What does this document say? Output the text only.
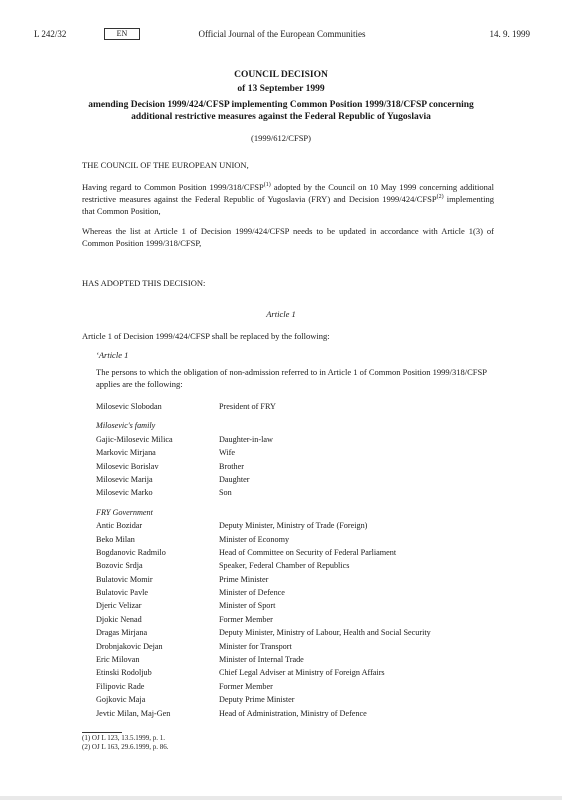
L 242/32	EN	Official Journal of the European Communities	14. 9. 1999
COUNCIL DECISION
of 13 September 1999
amending Decision 1999/424/CFSP implementing Common Position 1999/318/CFSP concerning additional restrictive measures against the Federal Republic of Yugoslavia
(1999/612/CFSP)
THE COUNCIL OF THE EUROPEAN UNION,
Having regard to Common Position 1999/318/CFSP$^{(1)}$ adopted by the Council on 10 May 1999 concerning additional restrictive measures against the Federal Republic of Yugoslavia (FRY) and Decision 1999/424/CFSP$^{(2)}$ implementing that Common Position,
Whereas the list at Article 1 of Decision 1999/424/CFSP needs to be updated in accordance with Article 1(3) of Common Position 1999/318/CFSP,
HAS ADOPTED THIS DECISION:
Article 1
Article 1 of Decision 1999/424/CFSP shall be replaced by the following:
‘Article 1
The persons to which the obligation of non-admission referred to in Article 1 of Common Position 1999/318/CFSP applies are the following:
Milosevic Slobodan	President of FRY
Milosevic's family
Gajic-Milosevic Milica	Daughter-in-law
Markovic Mirjana	Wife
Milosevic Borislav	Brother
Milosevic Marija	Daughter
Milosevic Marko	Son
FRY Government
Antic Bozidar	Deputy Minister, Ministry of Trade (Foreign)
Beko Milan	Minister of Economy
Bogdanovic Radmilo	Head of Committee on Security of Federal Parliament
Bozovic Srdja	Speaker, Federal Chamber of Republics
Bulatovic Momir	Prime Minister
Bulatovic Pavle	Minister of Defence
Djeric Velizar	Minister of Sport
Djokic Nenad	Former Member
Dragas Mirjana	Deputy Minister, Ministry of Labour, Health and Social Security
Drobnjakovic Dejan	Minister for Transport
Eric Milovan	Minister of Internal Trade
Etinski Rodoljub	Chief Legal Adviser at Ministry of Foreign Affairs
Filipovic Rade	Former Member
Gojkovic Maja	Deputy Prime Minister
Jevtic Milan, Maj-Gen	Head of Administration, Ministry of Defence
(1) OJ L 123, 13.5.1999, p. 1.
(2) OJ L 163, 29.6.1999, p. 86.
